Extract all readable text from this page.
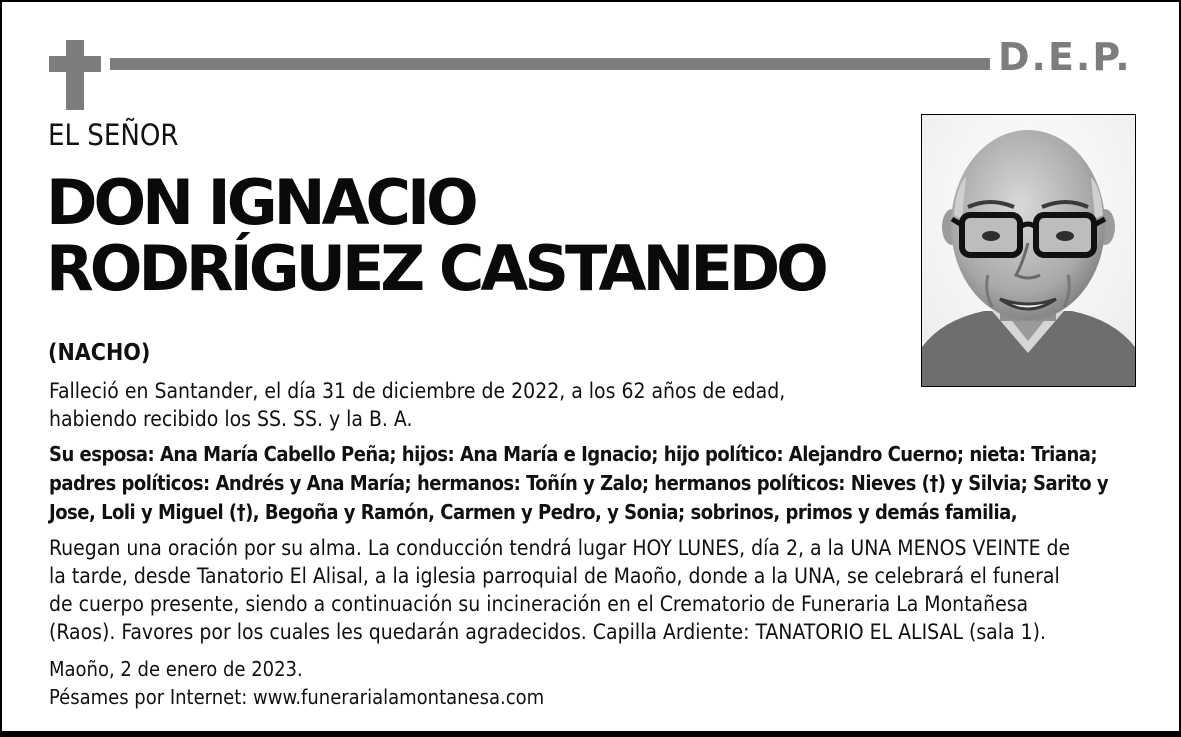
D.E.P.
EL SEÑOR
DON IGNACIO
RODRÍGUEZ CASTANEDO
(NACHO)
Falleció en Santander, el día 31 de diciembre de 2022, a los 62 años de edad,
habiendo recibido los SS. SS. y la B. A.
Su esposa: Ana María Cabello Peña; hijos: Ana María e Ignacio; hijo político: Alejandro Cuerno; nieta: Triana;
padres políticos: Andrés y Ana María; hermanos: Toñín y Zalo; hermanos políticos: Nieves (†) y Silvia; Sarito y
Jose, Loli y Miguel (†), Begoña y Ramón, Carmen y Pedro, y Sonia; sobrinos, primos y demás familia,
Ruegan una oración por su alma. La conducción tendrá lugar HOY LUNES, día 2, a la UNA MENOS VEINTE de
la tarde, desde Tanatorio El Alisal, a la iglesia parroquial de Maoño, donde a la UNA, se celebrará el funeral
de cuerpo presente, siendo a continuación su incineración en el Crematorio de Funeraria La Montañesa
(Raos). Favores por los cuales les quedarán agradecidos. Capilla Ardiente: TANATORIO EL ALISAL (sala 1).
Maoño, 2 de enero de 2023.
Pésames por Internet: www.funerarialamontanesa.com
